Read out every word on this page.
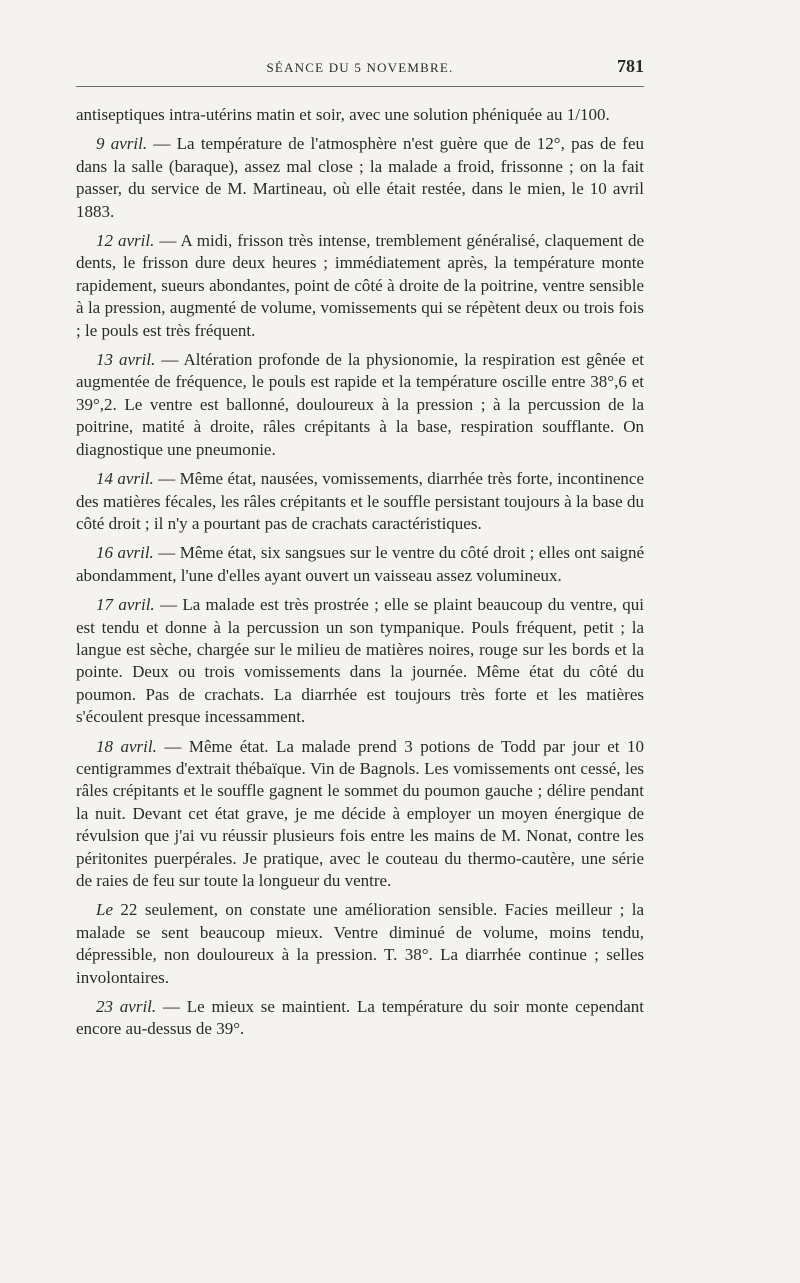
SÉANCE DU 5 NOVEMBRE.	781

antiseptiques intra-utérins matin et soir, avec une solution phéniquée au 1/100.

9 avril. — La température de l'atmosphère n'est guère que de 12°, pas de feu dans la salle (baraque), assez mal close ; la malade a froid, frissonne ; on la fait passer, du service de M. Martineau, où elle était restée, dans le mien, le 10 avril 1883.

12 avril. — A midi, frisson très intense, tremblement généralisé, claquement de dents, le frisson dure deux heures ; immédiatement après, la température monte rapidement, sueurs abondantes, point de côté à droite de la poitrine, ventre sensible à la pression, augmenté de volume, vomissements qui se répètent deux ou trois fois ; le pouls est très fréquent.

13 avril. — Altération profonde de la physionomie, la respiration est gênée et augmentée de fréquence, le pouls est rapide et la température oscille entre 38°,6 et 39°,2. Le ventre est ballonné, douloureux à la pression ; à la percussion de la poitrine, matité à droite, râles crépitants à la base, respiration soufflante. On diagnostique une pneumonie.

14 avril. — Même état, nausées, vomissements, diarrhée très forte, incontinence des matières fécales, les râles crépitants et le souffle persistant toujours à la base du côté droit ; il n'y a pourtant pas de crachats caractéristiques.

16 avril. — Même état, six sangsues sur le ventre du côté droit ; elles ont saigné abondamment, l'une d'elles ayant ouvert un vaisseau assez volumineux.

17 avril. — La malade est très prostrée ; elle se plaint beaucoup du ventre, qui est tendu et donne à la percussion un son tympanique. Pouls fréquent, petit ; la langue est sèche, chargée sur le milieu de matières noires, rouge sur les bords et la pointe. Deux ou trois vomissements dans la journée. Même état du côté du poumon. Pas de crachats. La diarrhée est toujours très forte et les matières s'écoulent presque incessamment.

18 avril. — Même état. La malade prend 3 potions de Todd par jour et 10 centigrammes d'extrait thébaïque. Vin de Bagnols. Les vomissements ont cessé, les râles crépitants et le souffle gagnent le sommet du poumon gauche ; délire pendant la nuit. Devant cet état grave, je me décide à employer un moyen énergique de révulsion que j'ai vu réussir plusieurs fois entre les mains de M. Nonat, contre les péritonites puerpérales. Je pratique, avec le couteau du thermo-cautère, une série de raies de feu sur toute la longueur du ventre.

Le 22 seulement, on constate une amélioration sensible. Facies meilleur ; la malade se sent beaucoup mieux. Ventre diminué de volume, moins tendu, dépressible, non douloureux à la pression. T. 38°. La diarrhée continue ; selles involontaires.

23 avril. — Le mieux se maintient. La température du soir monte cependant encore au-dessus de 39°.
